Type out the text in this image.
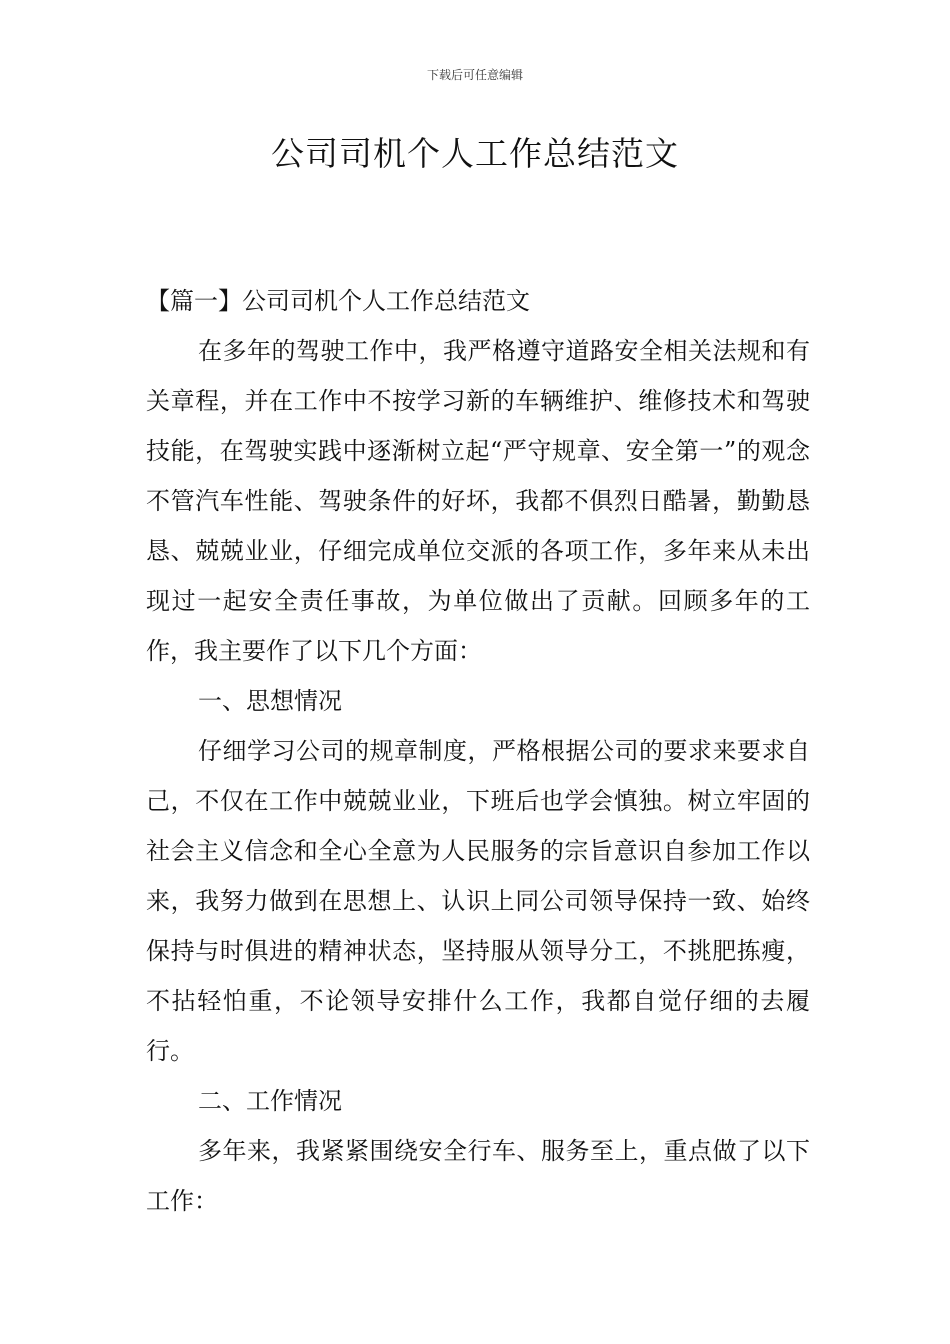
下载后可任意编辑
公司司机个人工作总结范文

【篇一】公司司机个人工作总结范文

在多年的驾驶工作中，我严格遵守道路安全相关法规和有关章程，并在工作中不按学习新的车辆维护、维修技术和驾驶技能，在驾驶实践中逐渐树立起“严守规章、安全第一”的观念不管汽车性能、驾驶条件的好坏，我都不俱烈日酷暑，勤勤恳恳、兢兢业业，仔细完成单位交派的各项工作，多年来从未出现过一起安全责任事故，为单位做出了贡献。回顾多年的工作，我主要作了以下几个方面：

一、思想情况

仔细学习公司的规章制度，严格根据公司的要求来要求自己，不仅在工作中兢兢业业，下班后也学会慎独。树立牢固的社会主义信念和全心全意为人民服务的宗旨意识自参加工作以来，我努力做到在思想上、认识上同公司领导保持一致、始终保持与时俱进的精神状态，坚持服从领导分工，不挑肥拣瘦，不拈轻怕重，不论领导安排什么工作，我都自觉仔细的去履行。

二、工作情况

多年来，我紧紧围绕安全行车、服务至上，重点做了以下工作：
